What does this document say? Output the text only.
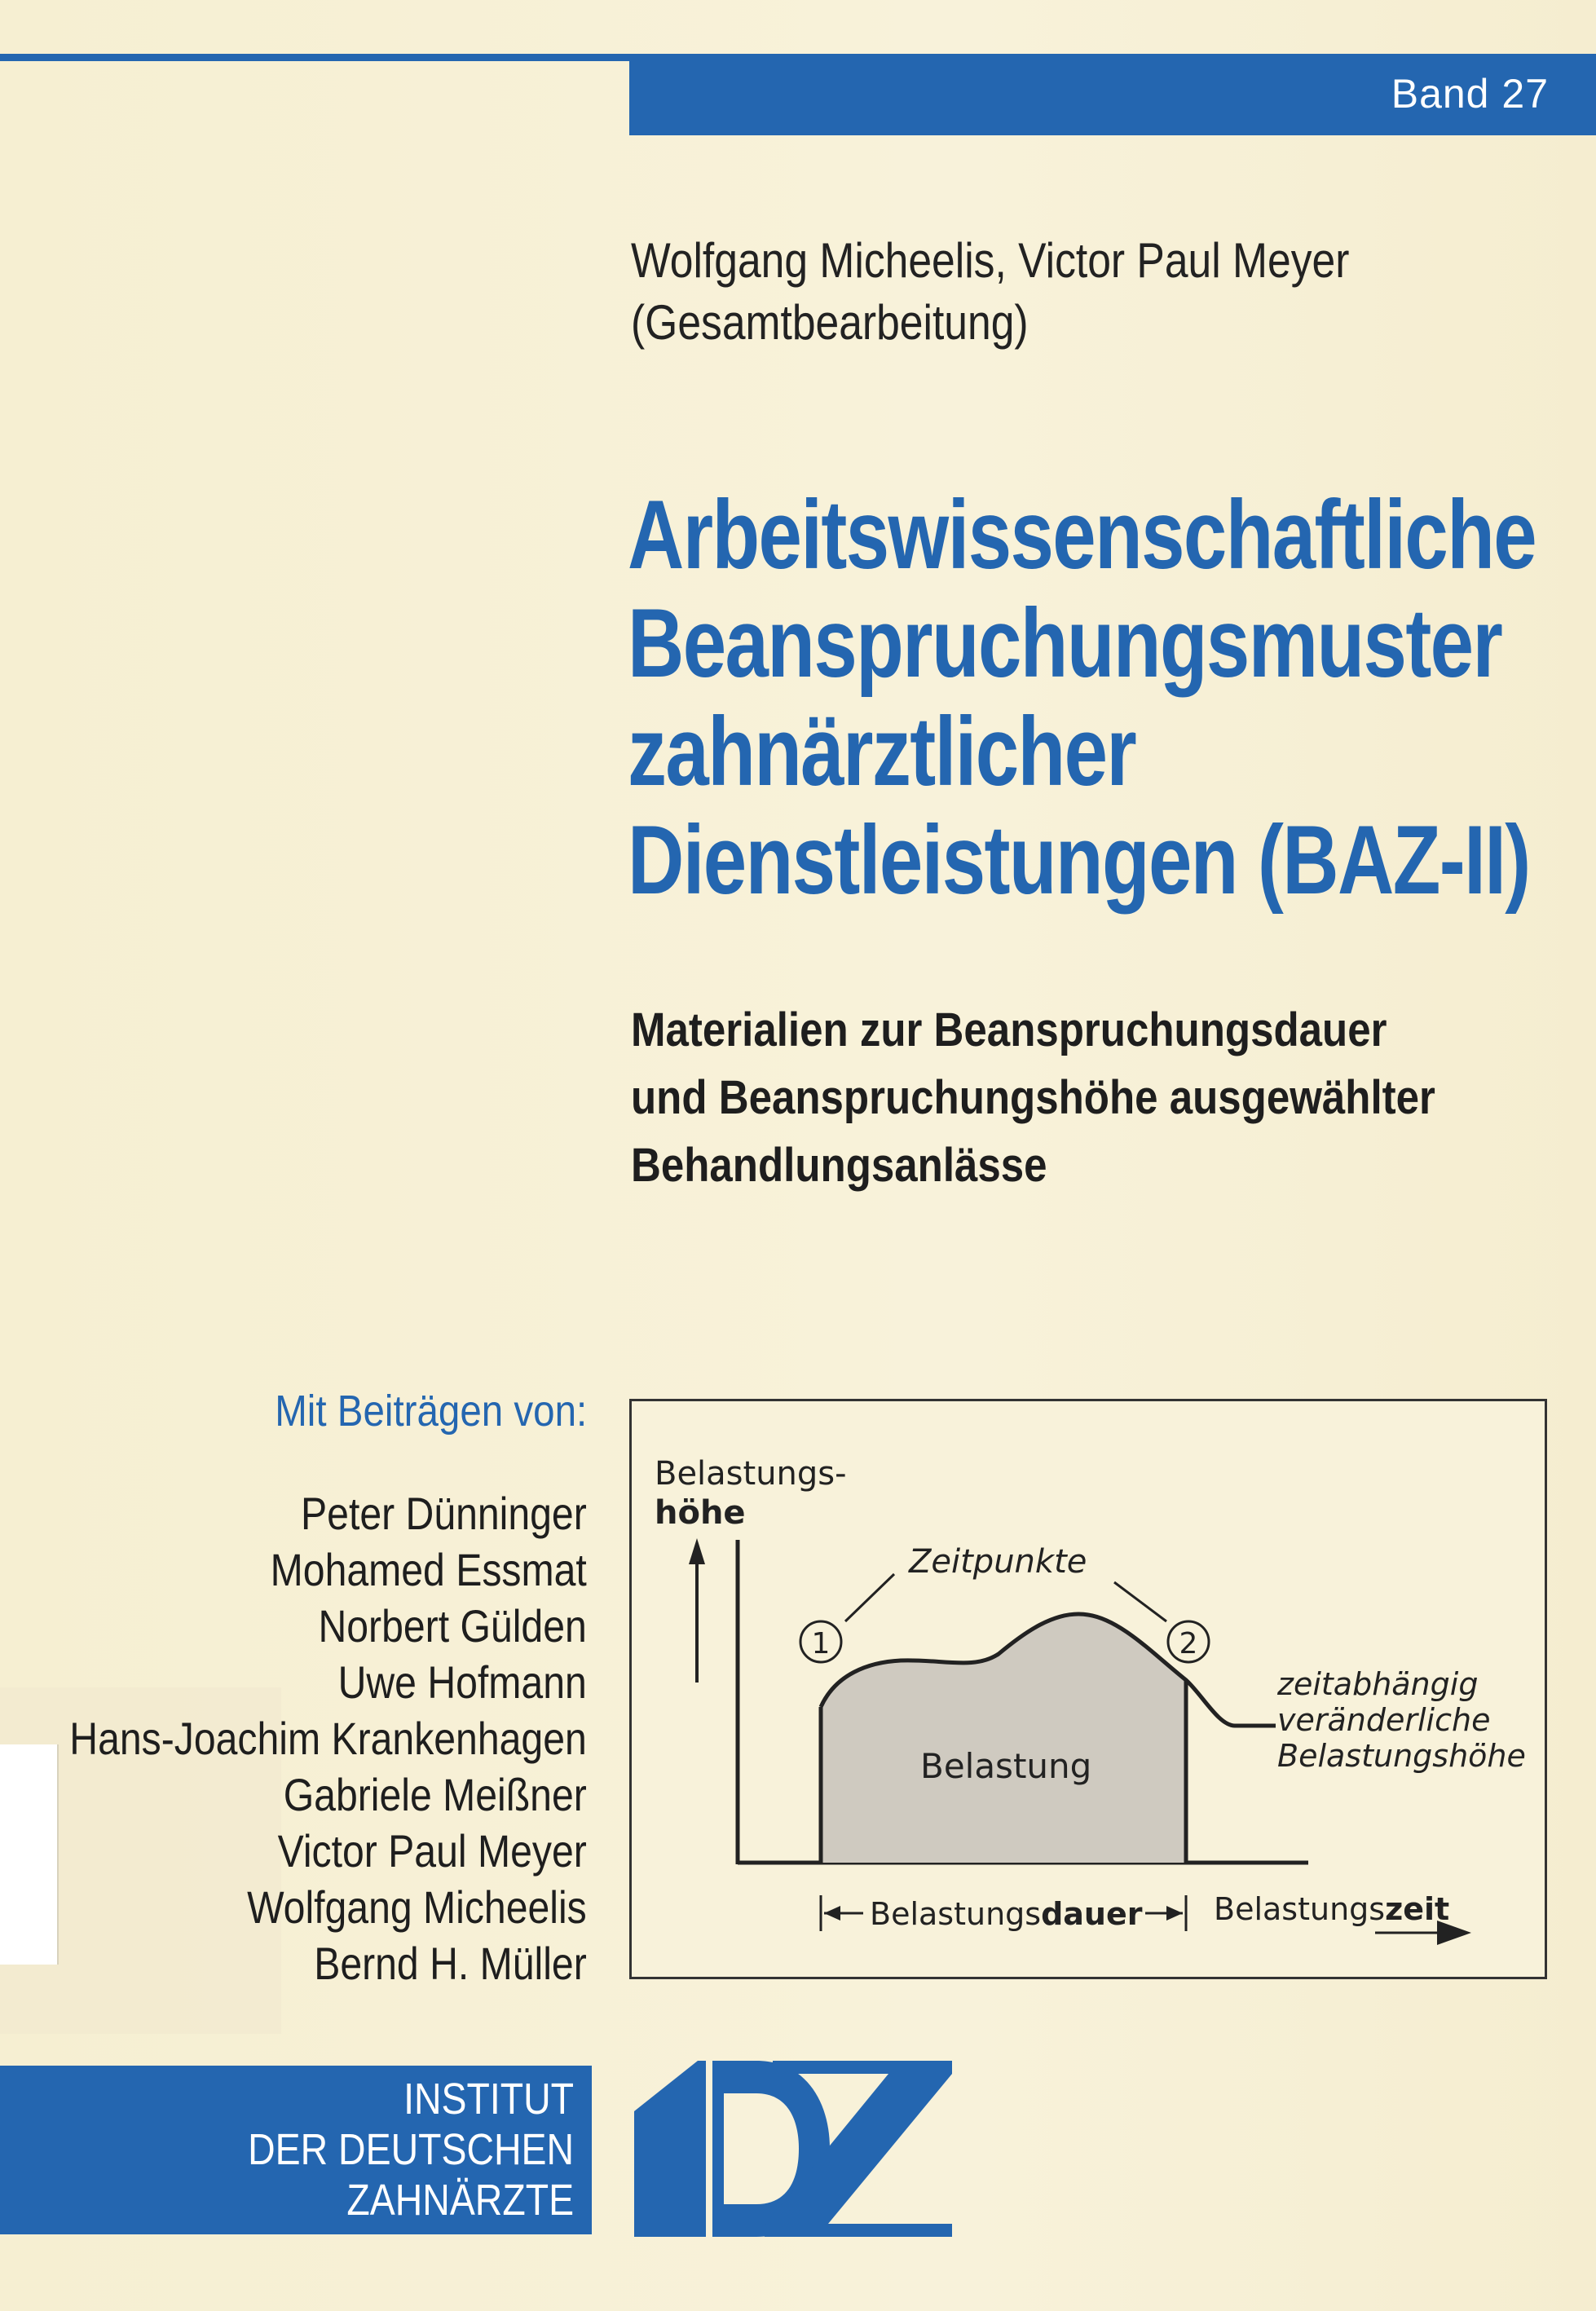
Band 27
Wolfgang Micheelis, Victor Paul Meyer
(Gesamtbearbeitung)
Arbeitswissenschaftliche
Beanspruchungsmuster
zahnärztlicher
Dienstleistungen (BAZ-II)
Materialien zur Beanspruchungsdauer
und Beanspruchungshöhe ausgewählter
Behandlungsanlässe
Mit Beiträgen von:
Peter Dünninger
Mohamed Essmat
Norbert Gülden
Uwe Hofmann
Hans-Joachim Krankenhagen
Gabriele Meißner
Victor Paul Meyer
Wolfgang Micheelis
Bernd H. Müller
Belastungs-
höhe
Belastung
1	2
Zeitpunkte
zeitabhängig
veränderliche
Belastungshöhe
Belastungsdauer Belastungszeit
INSTITUT
DER DEUTSCHEN
ZAHNÄRZTE
